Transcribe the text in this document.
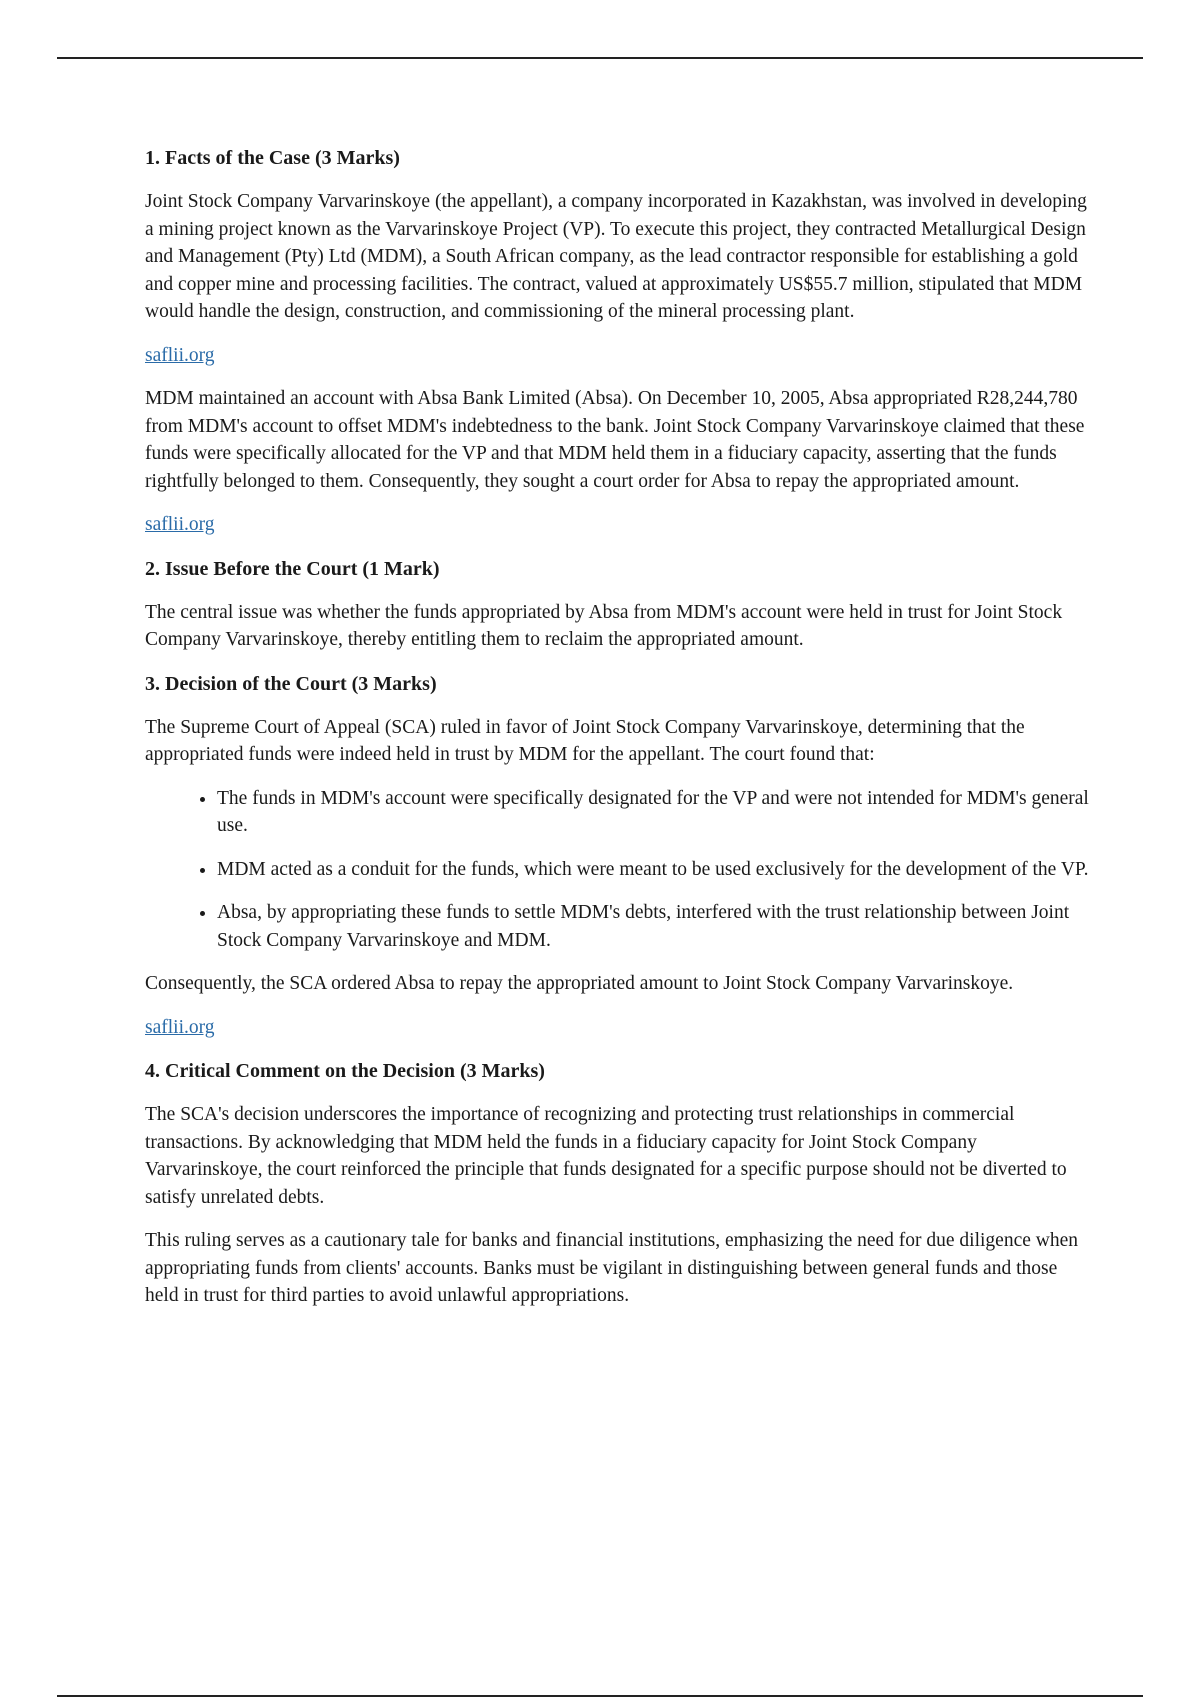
1. Facts of the Case (3 Marks)

Joint Stock Company Varvarinskoye (the appellant), a company incorporated in Kazakhstan, was involved in developing a mining project known as the Varvarinskoye Project (VP). To execute this project, they contracted Metallurgical Design and Management (Pty) Ltd (MDM), a South African company, as the lead contractor responsible for establishing a gold and copper mine and processing facilities. The contract, valued at approximately US$55.7 million, stipulated that MDM would handle the design, construction, and commissioning of the mineral processing plant.

saflii.org

MDM maintained an account with Absa Bank Limited (Absa). On December 10, 2005, Absa appropriated R28,244,780 from MDM's account to offset MDM's indebtedness to the bank. Joint Stock Company Varvarinskoye claimed that these funds were specifically allocated for the VP and that MDM held them in a fiduciary capacity, asserting that the funds rightfully belonged to them. Consequently, they sought a court order for Absa to repay the appropriated amount.

saflii.org
2. Issue Before the Court (1 Mark)

The central issue was whether the funds appropriated by Absa from MDM's account were held in trust for Joint Stock Company Varvarinskoye, thereby entitling them to reclaim the appropriated amount.

3. Decision of the Court (3 Marks)

The Supreme Court of Appeal (SCA) ruled in favor of Joint Stock Company Varvarinskoye, determining that the appropriated funds were indeed held in trust by MDM for the appellant. The court found that:

• The funds in MDM's account were specifically designated for the VP and were not intended for MDM's general use.
• MDM acted as a conduit for the funds, which were meant to be used exclusively for the development of the VP.
• Absa, by appropriating these funds to settle MDM's debts, interfered with the trust relationship between Joint Stock Company Varvarinskoye and MDM.

Consequently, the SCA ordered Absa to repay the appropriated amount to Joint Stock Company Varvarinskoye.

saflii.org
4. Critical Comment on the Decision (3 Marks)

The SCA's decision underscores the importance of recognizing and protecting trust relationships in commercial transactions. By acknowledging that MDM held the funds in a fiduciary capacity for Joint Stock Company Varvarinskoye, the court reinforced the principle that funds designated for a specific purpose should not be diverted to satisfy unrelated debts.

This ruling serves as a cautionary tale for banks and financial institutions, emphasizing the need for due diligence when appropriating funds from clients' accounts. Banks must be vigilant in distinguishing between general funds and those held in trust for third parties to avoid unlawful appropriations.
